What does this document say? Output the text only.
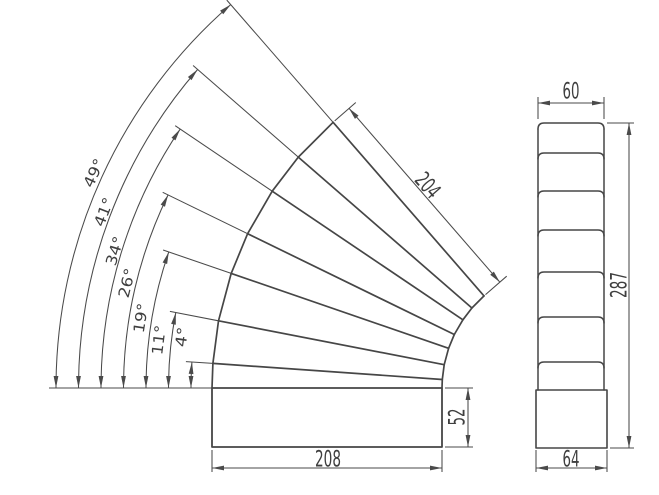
4°
11°
19°
26°
34°
41°
49°	204
52
208
60
287
64
